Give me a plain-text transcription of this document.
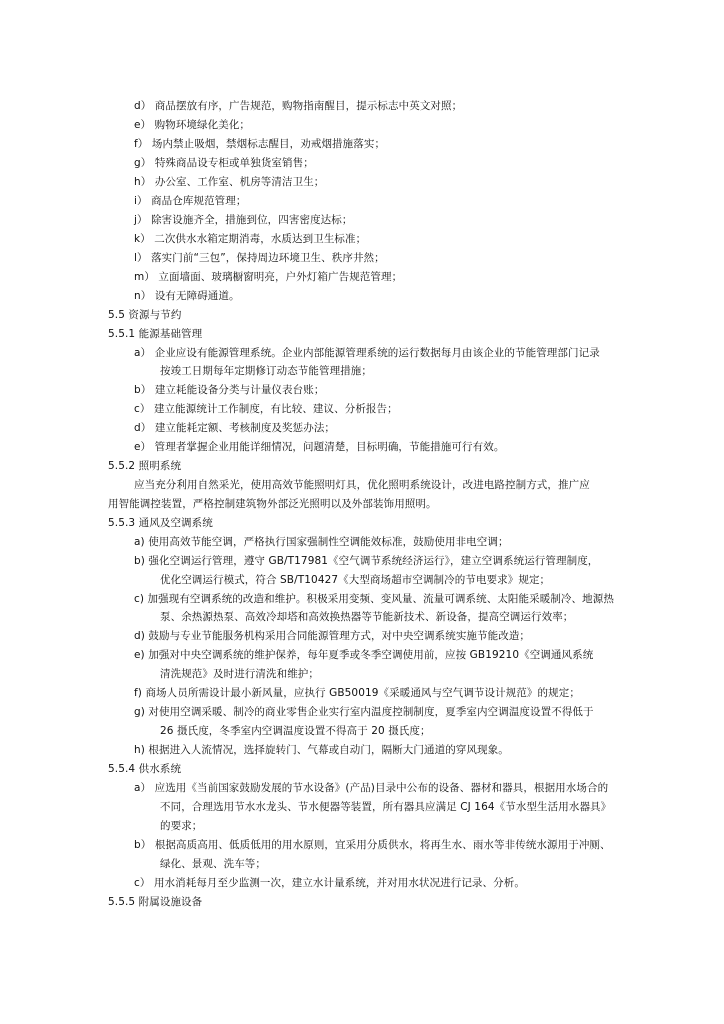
d） 商品摆放有序，广告规范，购物指南醒目，提示标志中英文对照；
e） 购物环境绿化美化；
f） 场内禁止吸烟，禁烟标志醒目，劝戒烟措施落实；
g） 特殊商品设专柜或单独货室销售；
h） 办公室、工作室、机房等清洁卫生；
i） 商品仓库规范管理；
j） 除害设施齐全，措施到位，四害密度达标；
k） 二次供水水箱定期消毒，水质达到卫生标准；
l） 落实门前“三包”，保持周边环境卫生、秩序井然；
m） 立面墙面、玻璃橱窗明亮，户外灯箱广告规范管理；
n） 设有无障碍通道。
5.5 资源与节约
5.5.1 能源基础管理
a） 企业应设有能源管理系统。企业内部能源管理系统的运行数据每月由该企业的节能管理部门记录
按竣工日期每年定期修订动态节能管理措施；
b） 建立耗能设备分类与计量仪表台账；
c） 建立能源统计工作制度，有比较、建议、分析报告；
d） 建立能耗定额、考核制度及奖惩办法；
e） 管理者掌握企业用能详细情况，问题清楚，目标明确，节能措施可行有效。
5.5.2 照明系统
应当充分利用自然采光，使用高效节能照明灯具，优化照明系统设计，改进电路控制方式，推广应
用智能调控装置，严格控制建筑物外部泛光照明以及外部装饰用照明。
5.5.3 通风及空调系统
a) 使用高效节能空调，严格执行国家强制性空调能效标准，鼓励使用非电空调；
b) 强化空调运行管理，遵守 GB/T17981《空气调节系统经济运行》，建立空调系统运行管理制度，
优化空调运行模式，符合 SB/T10427《大型商场超市空调制冷的节电要求》规定；
c) 加强现有空调系统的改造和维护。积极采用变频、变风量、流量可调系统、太阳能采暖制冷、地源热
泵、余热源热泵、高效冷却塔和高效换热器等节能新技术、新设备，提高空调运行效率；
d) 鼓励与专业节能服务机构采用合同能源管理方式，对中央空调系统实施节能改造；
e) 加强对中央空调系统的维护保养，每年夏季或冬季空调使用前，应按 GB19210《空调通风系统
清洗规范》及时进行清洗和维护；
f) 商场人员所需设计最小新风量，应执行 GB50019《采暖通风与空气调节设计规范》的规定；
g) 对使用空调采暖、制冷的商业零售企业实行室内温度控制制度，夏季室内空调温度设置不得低于
26 摄氏度，冬季室内空调温度设置不得高于 20 摄氏度；
h) 根据进入人流情况，选择旋转门、气幕或自动门，隔断大门通道的穿风现象。
5.5.4 供水系统
a） 应选用《当前国家鼓励发展的节水设备》(产品)目录中公布的设备、器材和器具，根据用水场合的
不同，合理选用节水水龙头、节水便器等装置，所有器具应满足 CJ 164《节水型生活用水器具》
的要求；
b） 根据高质高用、低质低用的用水原则，宜采用分质供水，将再生水、雨水等非传统水源用于冲厕、
绿化、景观、洗车等；
c） 用水消耗每月至少监测一次，建立水计量系统，并对用水状况进行记录、分析。
5.5.5 附属设施设备
